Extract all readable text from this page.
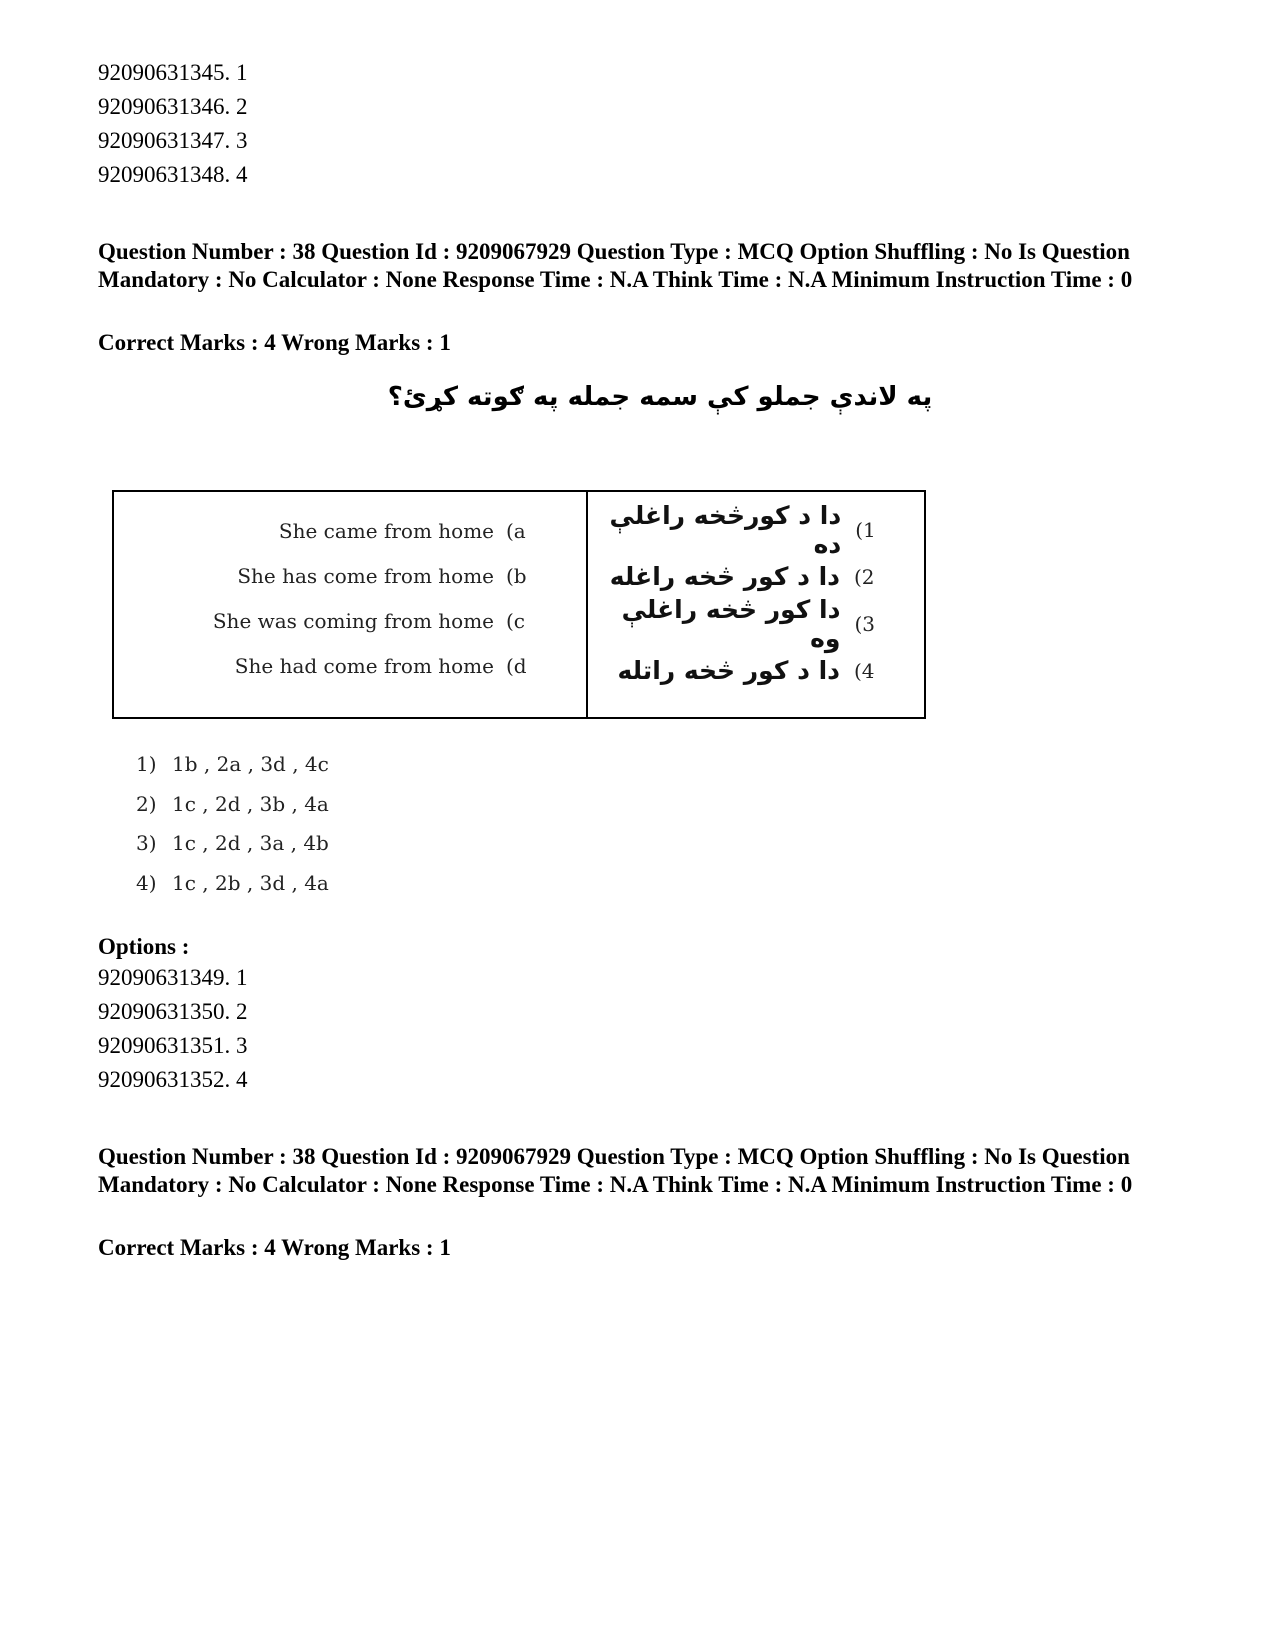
92090631345. 1
92090631346. 2
92090631347. 3
92090631348. 4
Question Number : 38 Question Id : 9209067929 Question Type : MCQ Option Shuffling : No Is Question Mandatory : No Calculator : None Response Time : N.A Think Time : N.A Minimum Instruction Time : 0
Correct Marks : 4 Wrong Marks : 1
په لاندې جملو کې سمه جمله په ګوته کړئ؟
She came from home (a
She has come from home (b
She was coming from home (c
She had come from home (d
دا د کورڅخه راغلې ده (1
دا د کور څخه راغله (2
دا کور څخه راغلې وه (3
دا د کور څخه راتله (4
1) 1b , 2a , 3d , 4c
2) 1c , 2d , 3b , 4a
3) 1c , 2d , 3a , 4b
4) 1c , 2b , 3d , 4a
Options :
92090631349. 1
92090631350. 2
92090631351. 3
92090631352. 4
Question Number : 38 Question Id : 9209067929 Question Type : MCQ Option Shuffling : No Is Question Mandatory : No Calculator : None Response Time : N.A Think Time : N.A Minimum Instruction Time : 0
Correct Marks : 4 Wrong Marks : 1
